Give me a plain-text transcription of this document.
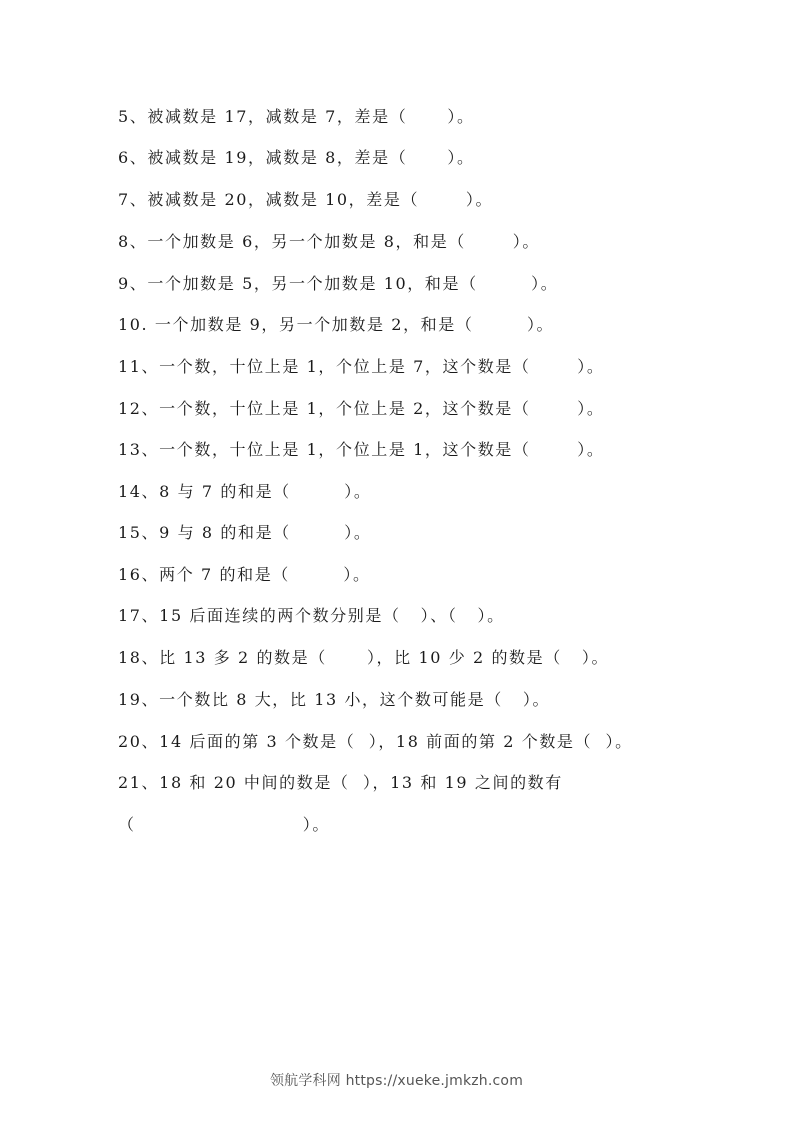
5、被减数是 17，减数是 7，差是（      ）。
6、被减数是 19，减数是 8，差是（      ）。
7、被减数是 20，减数是 10，差是（       ）。
8、一个加数是 6，另一个加数是 8，和是（       ）。
9、一个加数是 5，另一个加数是 10，和是（        ）。
10. 一个加数是 9，另一个加数是 2，和是（        ）。
11、一个数，十位上是 1，个位上是 7，这个数是（       ）。
12、一个数，十位上是 1，个位上是 2，这个数是（       ）。
13、一个数，十位上是 1，个位上是 1，这个数是（       ）。
14、8 与 7 的和是（        ）。
15、9 与 8 的和是（        ）。
16、两个 7 的和是（        ）。
17、15 后面连续的两个数分别是（   ）、（   ）。
18、比 13 多 2 的数是（      ），比 10 少 2 的数是（   ）。
19、一个数比 8 大，比 13 小，这个数可能是（   ）。
20、14 后面的第 3 个数是（  ），18 前面的第 2 个数是（  ）。
21、18 和 20 中间的数是（  ），13 和 19 之间的数有
（                         ）。
领航学科网 https://xueke.jmkzh.com
